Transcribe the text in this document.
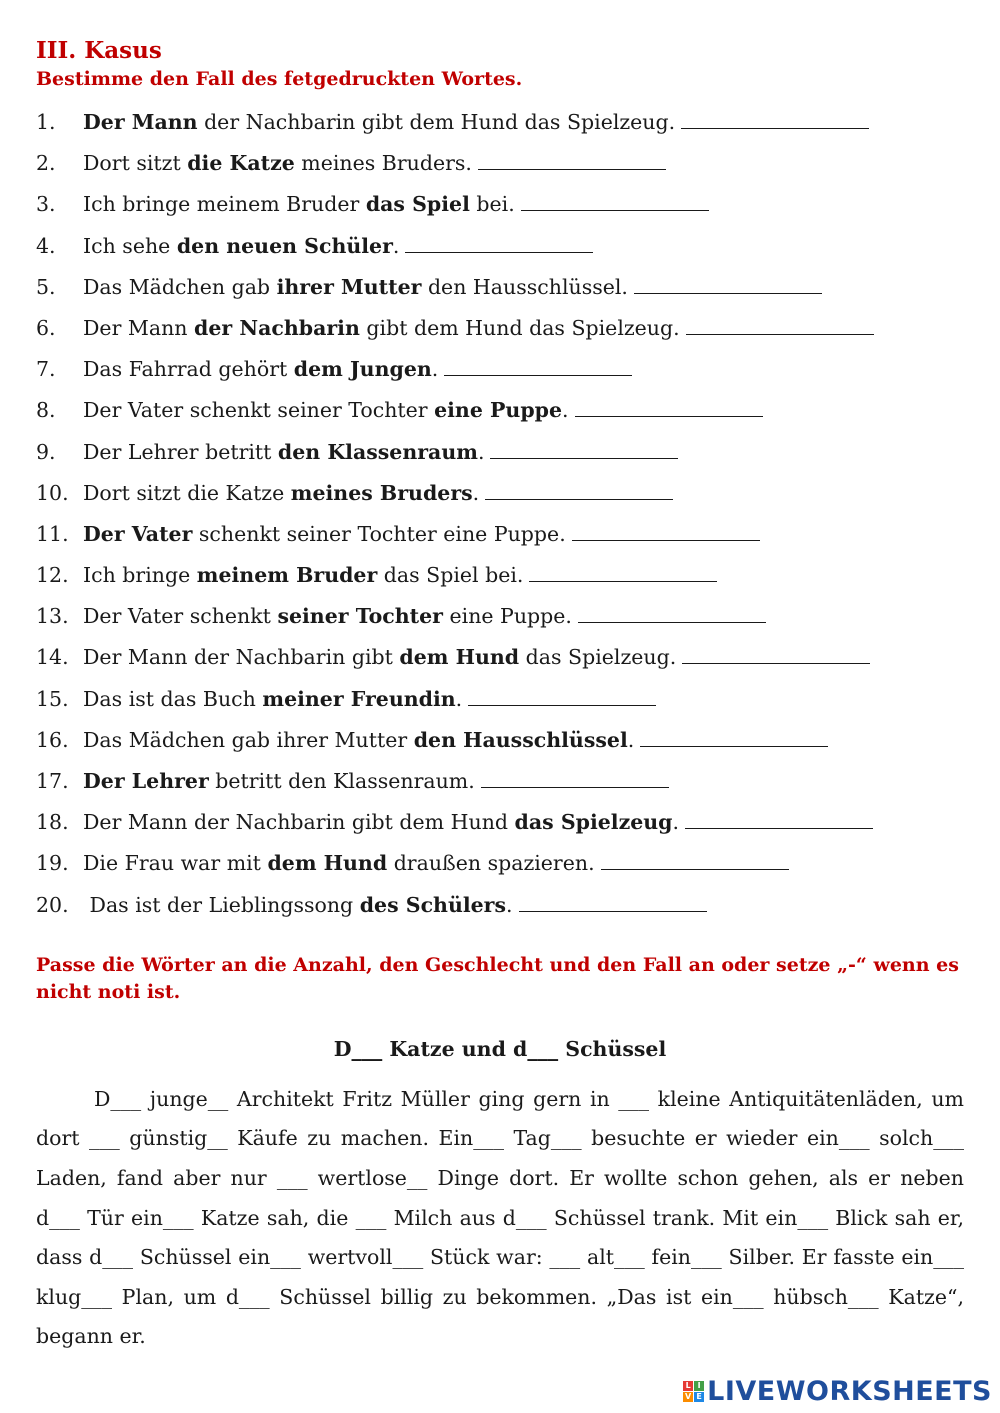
III. Kasus

Bestimme den Fall des fetgedruckten Wortes.

1.	Der Mann der Nachbarin gibt dem Hund das Spielzeug.
2.	Dort sitzt die Katze meines Bruders.
3.	Ich bringe meinem Bruder das Spiel bei.
4.	Ich sehe den neuen Schüler.
5.	Das Mädchen gab ihrer Mutter den Hausschlüssel.
6.	Der Mann der Nachbarin gibt dem Hund das Spielzeug.
7.	Das Fahrrad gehört dem Jungen.
8.	Der Vater schenkt seiner Tochter eine Puppe.
9.	Der Lehrer betritt den Klassenraum.
10. Dort sitzt die Katze meines Bruders.
11. Der Vater schenkt seiner Tochter eine Puppe.
12. Ich bringe meinem Bruder das Spiel bei.
13. Der Vater schenkt seiner Tochter eine Puppe.
14. Der Mann der Nachbarin gibt dem Hund das Spielzeug.
15. Das ist das Buch meiner Freundin.
16. Das Mädchen gab ihrer Mutter den Hausschlüssel.
17. Der Lehrer betritt den Klassenraum.
18. Der Mann der Nachbarin gibt dem Hund das Spielzeug.
19. Die Frau war mit dem Hund draußen spazieren.
20. Das ist der Lieblingssong des Schülers.

Passe die Wörter an die Anzahl, den Geschlecht und den Fall an oder setze „-“ wenn es nicht noti ist.

D___ Katze und d___ Schüssel

D___ junge__ Architekt Fritz Müller ging gern in ___ kleine Antiquitätenläden, um dort ___ günstig__ Käufe zu machen. Ein___ Tag___ besuchte er wieder ein___ solch___ Laden, fand aber nur ___ wertlose__ Dinge dort. Er wollte schon gehen, als er neben d___ Tür ein___ Katze sah, die ___ Milch aus d___ Schüssel trank. Mit ein___ Blick sah er, dass d___ Schüssel ein___ wertvoll___ Stück war: ___ alt___ fein___ Silber. Er fasste ein___ klug___ Plan, um d___ Schüssel billig zu bekommen. „Das ist ein___ hübsch___ Katze“, begann er.

L I
V E LIVEWORKSHEETS
